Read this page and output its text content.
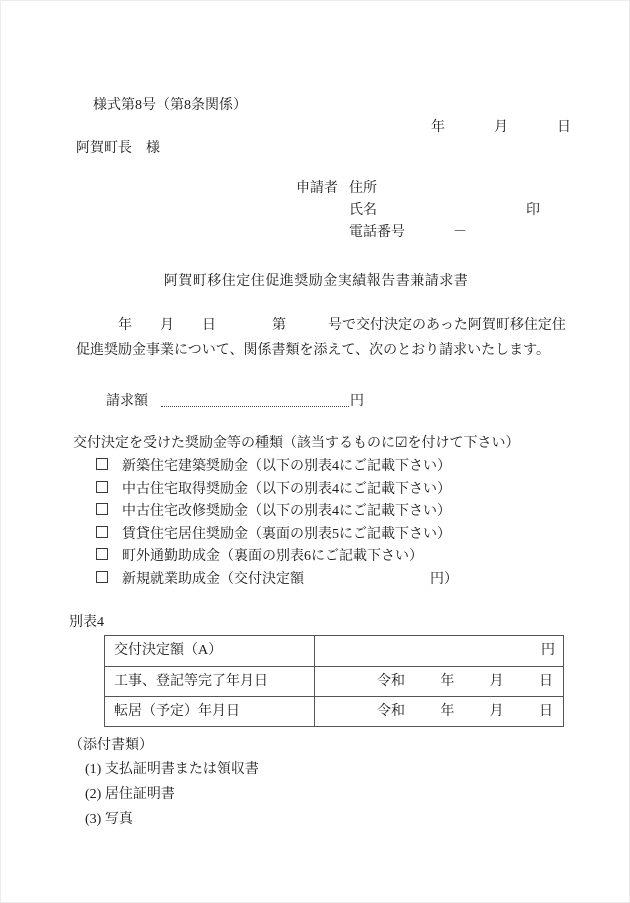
様式第8号（第8条関係）
年	月	日
阿賀町長　様
申請者 住所
氏名	印
電話番号	－
阿賀町移住定住促進奨励金実績報告書兼請求書
　　　年　　月　　日　　　　第　　　号で交付決定のあった阿賀町移住定住
促進奨励金事業について、関係書類を添えて、次のとおり請求いたします。
請求額	円
交付決定を受けた奨励金等の種類（該当するものに☑を付けて下さい）
新築住宅建築奨励金（以下の別表4にご記載下さい）
中古住宅取得奨励金（以下の別表4にご記載下さい）
中古住宅改修奨励金（以下の別表4にご記載下さい）
賃貸住宅居住奨励金（裏面の別表5にご記載下さい）
町外通勤助成金（裏面の別表6にご記載下さい）
新規就業助成金（交付決定額　　　　　　　　　円）
別表4
交付決定額（A）	円
工事、登記等完了年月日	令和	年	月	日
転居（予定）年月日	令和	年	月	日
（添付書類）
(1) 支払証明書または領収書
(2) 居住証明書
(3) 写真
